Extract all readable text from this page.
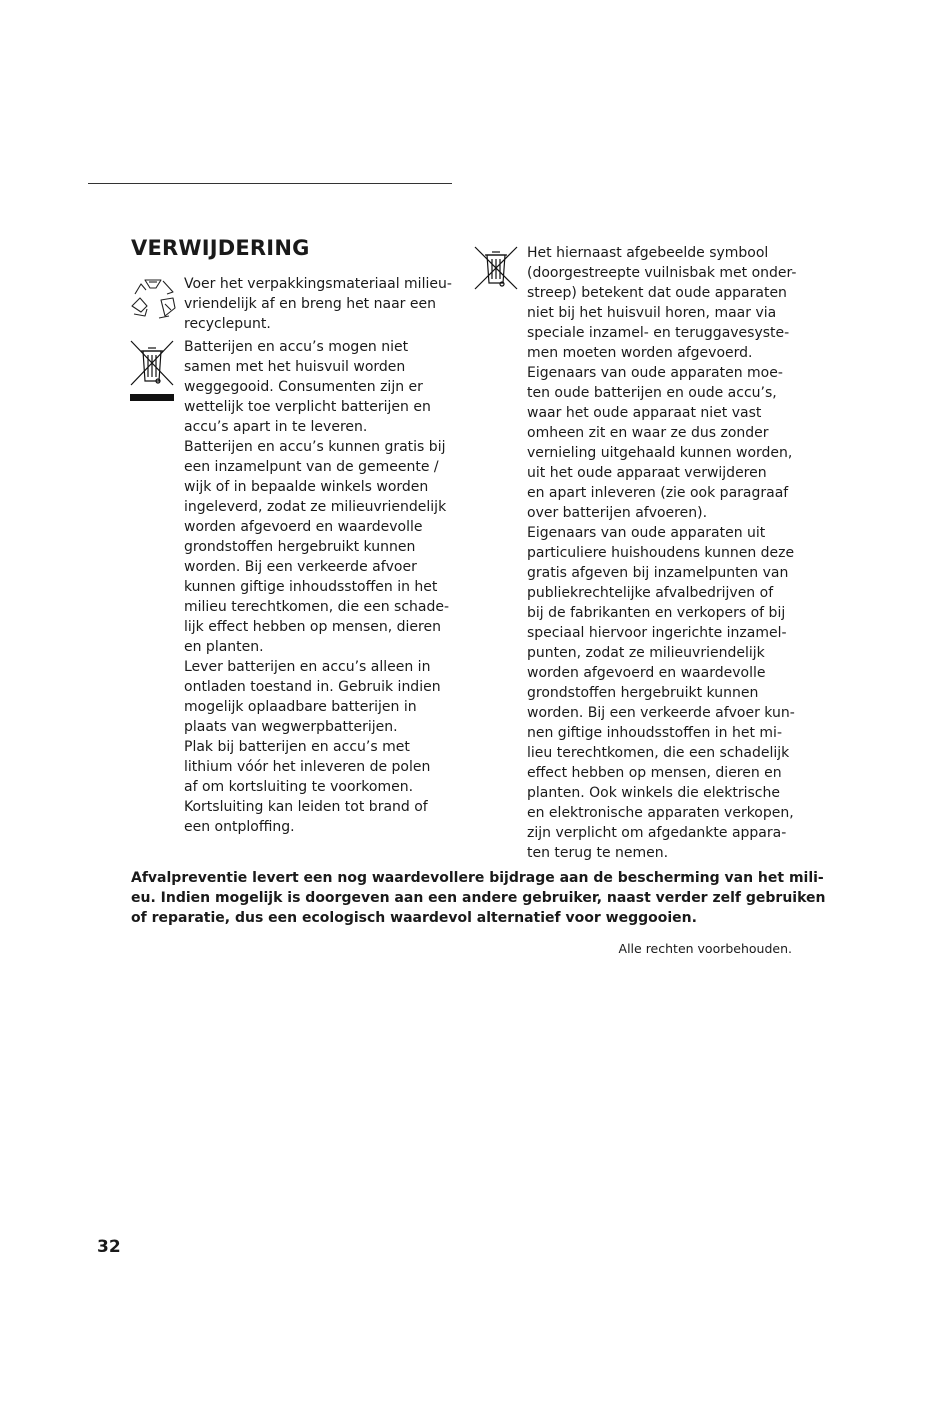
VERWIJDERING
Voer het verpakkingsmateriaal milieu-
vriendelijk af en breng het naar een
recyclepunt.
Batterijen en accu’s mogen niet
samen met het huisvuil worden
weggegooid. Consumenten zijn er
wettelijk toe verplicht batterijen en
accu’s apart in te leveren.
Batterijen en accu’s kunnen gratis bij
een inzamelpunt van de gemeente /
wijk of in bepaalde winkels worden
ingeleverd, zodat ze milieuvriendelijk
worden afgevoerd en waardevolle
grondstoffen hergebruikt kunnen
worden. Bij een verkeerde afvoer
kunnen giftige inhoudsstoffen in het
milieu terechtkomen, die een schade-
lijk effect hebben op mensen, dieren
en planten.
Lever batterijen en accu’s alleen in
ontladen toestand in. Gebruik indien
mogelijk oplaadbare batterijen in
plaats van wegwerpbatterijen.
Plak bij batterijen en accu’s met
lithium vóór het inleveren de polen
af om kortsluiting te voorkomen.
Kortsluiting kan leiden tot brand of
een ontploffing.
Het hiernaast afgebeelde symbool
(doorgestreepte vuilnisbak met onder-
streep) betekent dat oude apparaten
niet bij het huisvuil horen, maar via
speciale inzamel- en teruggavesyste-
men moeten worden afgevoerd.
Eigenaars van oude apparaten moe-
ten oude batterijen en oude accu’s,
waar het oude apparaat niet vast
omheen zit en waar ze dus zonder
vernieling uitgehaald kunnen worden,
uit het oude apparaat verwijderen
en apart inleveren (zie ook paragraaf
over batterijen afvoeren).
Eigenaars van oude apparaten uit
particuliere huishoudens kunnen deze
gratis afgeven bij inzamelpunten van
publiekrechtelijke afvalbedrijven of
bij de fabrikanten en verkopers of bij
speciaal hiervoor ingerichte inzamel-
punten, zodat ze milieuvriendelijk
worden afgevoerd en waardevolle
grondstoffen hergebruikt kunnen
worden. Bij een verkeerde afvoer kun-
nen giftige inhoudsstoffen in het mi-
lieu terechtkomen, die een schadelijk
effect hebben op mensen, dieren en
planten. Ook winkels die elektrische
en elektronische apparaten verkopen,
zijn verplicht om afgedankte appara-
ten terug te nemen.
Afvalpreventie levert een nog waardevollere bijdrage aan de bescherming van het mili-
eu. Indien mogelijk is doorgeven aan een andere gebruiker, naast verder zelf gebruiken
of reparatie, dus een ecologisch waardevol alternatief voor weggooien.
Alle rechten voorbehouden.
32
